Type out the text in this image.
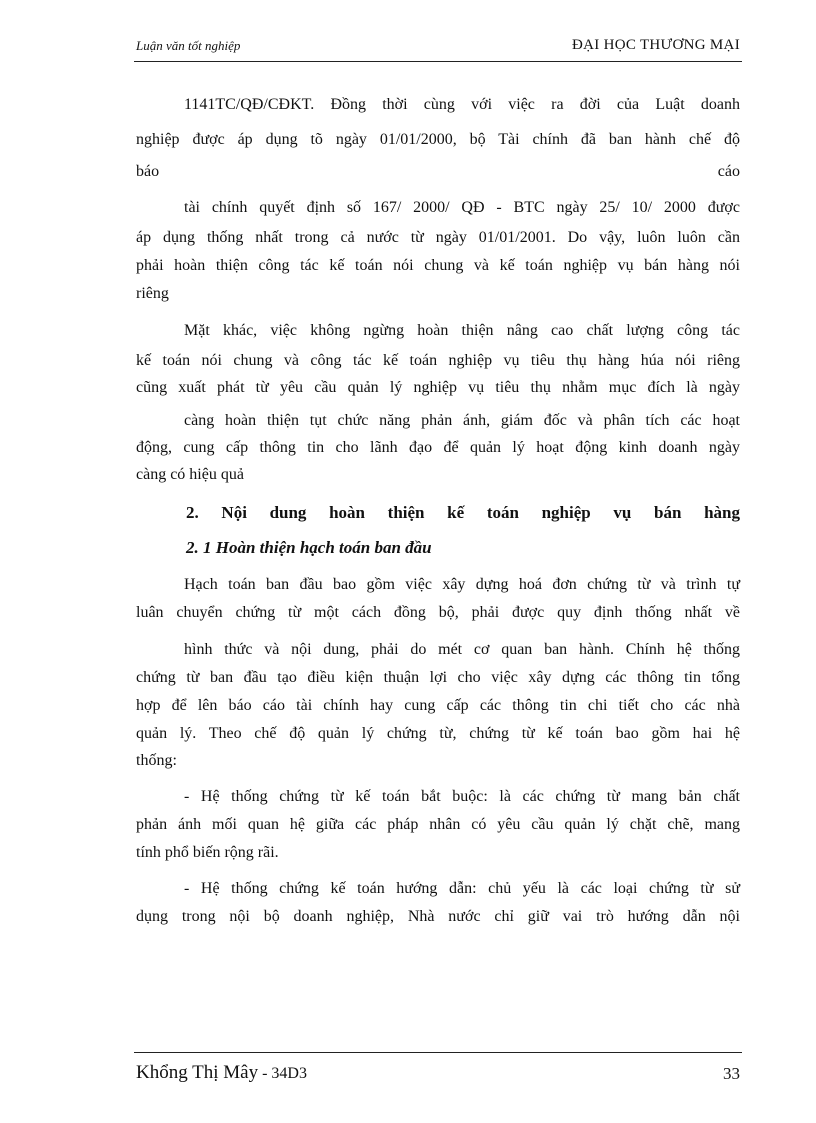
Luận văn tốt nghiệp	ĐẠI HỌC THƯƠNG MẠI
1141TC/QĐ/CĐKT. Đồng thời cùng với việc ra đời của Luật doanh
nghiệp được áp dụng tõ ngày 01/01/2000, bộ Tài chính đã ban hành chế độ
báo	cáo
tài chính quyết định số 167/ 2000/ QĐ - BTC ngày 25/ 10/ 2000 được
áp dụng thống nhất trong cả nước từ ngày 01/01/2001. Do vậy, luôn luôn cần
phải hoàn thiện công tác kế toán nói chung và kế toán nghiệp vụ bán hàng nói
riêng
Mặt khác, việc không ngừng hoàn thiện nâng cao chất lượng công tác
kế toán nói chung và công tác kế toán nghiệp vụ tiêu thụ hàng húa nói riêng
cũng xuất phát từ yêu cầu quản lý nghiệp vụ tiêu thụ nhằm mục đích là ngày
càng hoàn thiện tụt chức năng phản ánh, giám đốc và phân tích các hoạt
động, cung cấp thông tin cho lãnh đạo để quản lý hoạt động kinh doanh ngày
càng có hiệu quả
2. Nội dung hoàn thiện kế toán nghiệp vụ bán hàng
2. 1 Hoàn thiện hạch toán ban đầu
Hạch toán ban đầu bao gồm việc xây dựng hoá đơn chứng từ và trình tự
luân chuyển chứng từ một cách đồng bộ, phải được quy định thống nhất về
hình thức và nội dung, phải do mét cơ quan ban hành. Chính hệ thống
chứng từ ban đầu tạo điều kiện thuận lợi cho việc xây dựng các thông tin tổng
hợp để lên báo cáo tài chính hay cung cấp các thông tin chi tiết cho các nhà
quản lý. Theo chế độ quản lý chứng từ, chứng từ kế toán bao gồm hai hệ
thống:
- Hệ thống chứng từ kế toán bắt buộc: là các chứng từ mang bản chất
phản ánh mối quan hệ giữa các pháp nhân có yêu cầu quản lý chặt chẽ, mang
tính phổ biến rộng rãi.
- Hệ thống chứng kế toán hướng dẫn: chủ yếu là các loại chứng từ sử
dụng trong nội bộ doanh nghiệp, Nhà nước chỉ giữ vai trò hướng dẫn nội
Khổng Thị Mây - 34D3	33
